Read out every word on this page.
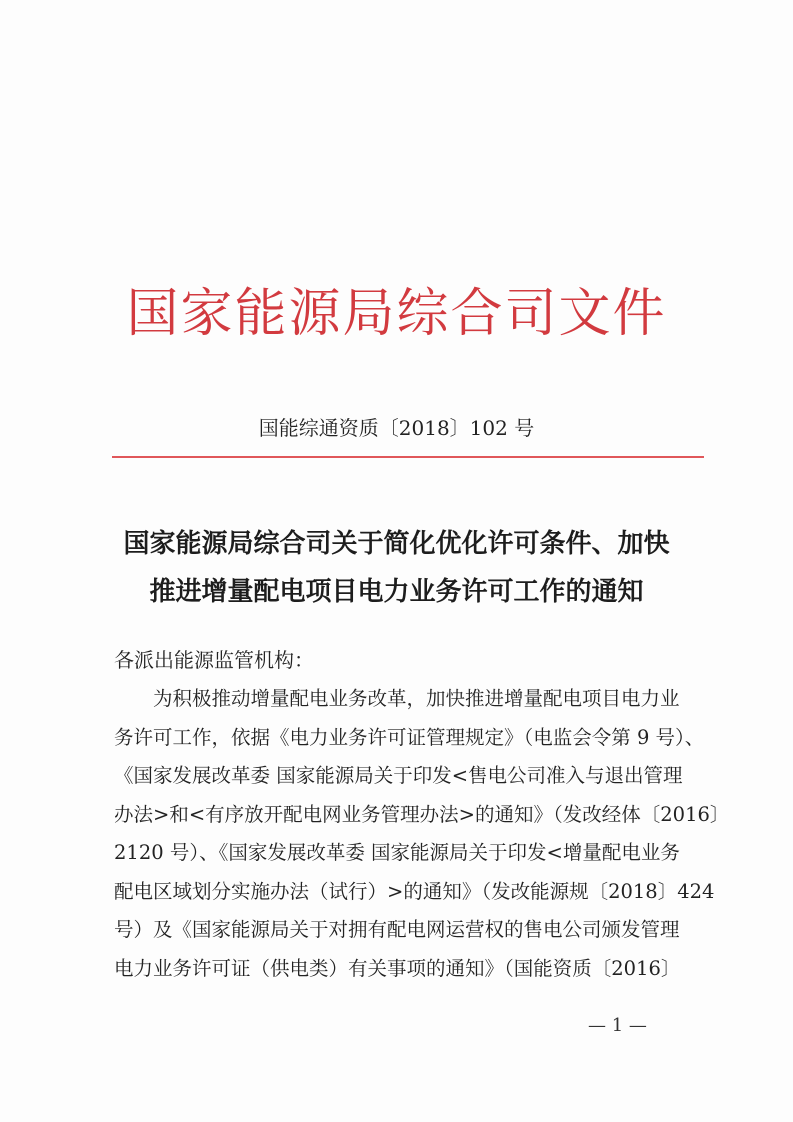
国家能源局综合司文件
国能综通资质〔2018〕102 号
国家能源局综合司关于简化优化许可条件、加快
推进增量配电项目电力业务许可工作的通知
各派出能源监管机构：
　　为积极推动增量配电业务改革，加快推进增量配电项目电力业
务许可工作，依据《电力业务许可证管理规定》（电监会令第 9 号）、
《国家发展改革委 国家能源局关于印发<售电公司准入与退出管理
办法>和<有序放开配电网业务管理办法>的通知》（发改经体〔2016〕
2120 号）、《国家发展改革委 国家能源局关于印发<增量配电业务
配电区域划分实施办法（试行）>的通知》（发改能源规〔2018〕424
号）及《国家能源局关于对拥有配电网运营权的售电公司颁发管理
电力业务许可证（供电类）有关事项的通知》（国能资质〔2016〕
— 1 —
